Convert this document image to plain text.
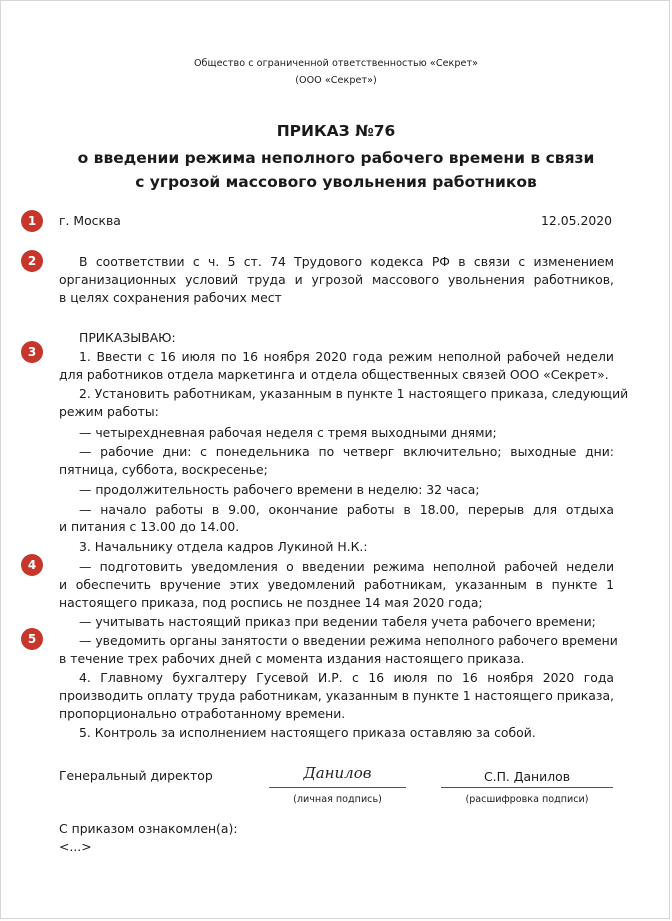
Общество с ограниченной ответственностью «Секрет»
(ООО «Секрет»)
ПРИКАЗ №76
о введении режима неполного рабочего времени в связи
с угрозой массового увольнения работников
1
2
3
4
5
г. Москва	12.05.2020
В соответствии с ч. 5 ст. 74 Трудового кодекса РФ в связи с изменением
организационных условий труда и угрозой массового увольнения работников,
в целях сохранения рабочих мест
ПРИКАЗЫВАЮ:
1. Ввести с 16 июля по 16 ноября 2020 года режим неполной рабочей недели
для работников отдела маркетинга и отдела общественных связей ООО «Секрет».
2. Установить работникам, указанным в пункте 1 настоящего приказа, следующий
режим работы:
— четырехдневная рабочая неделя с тремя выходными днями;
— рабочие дни: с понедельника по четверг включительно; выходные дни:
пятница, суббота, воскресенье;
— продолжительность рабочего времени в неделю: 32 часа;
— начало работы в 9.00, окончание работы в 18.00, перерыв для отдыха
и питания с 13.00 до 14.00.
3. Начальнику отдела кадров Лукиной Н.К.:
— подготовить уведомления о введении режима неполной рабочей недели
и обеспечить вручение этих уведомлений работникам, указанным в пункте 1
настоящего приказа, под роспись не позднее 14 мая 2020 года;
— учитывать настоящий приказ при ведении табеля учета рабочего времени;
— уведомить органы занятости о введении режима неполного рабочего времени
в течение трех рабочих дней с момента издания настоящего приказа.
4. Главному бухгалтеру Гусевой И.Р. с 16 июля по 16 ноября 2020 года
производить оплату труда работникам, указанным в пункте 1 настоящего приказа,
пропорционально отработанному времени.
5. Контроль за исполнением настоящего приказа оставляю за собой.
Генеральный директор	Данилов	С.П. Данилов
(личная подпись)	(расшифровка подписи)
С приказом ознакомлен(а):
<...>
